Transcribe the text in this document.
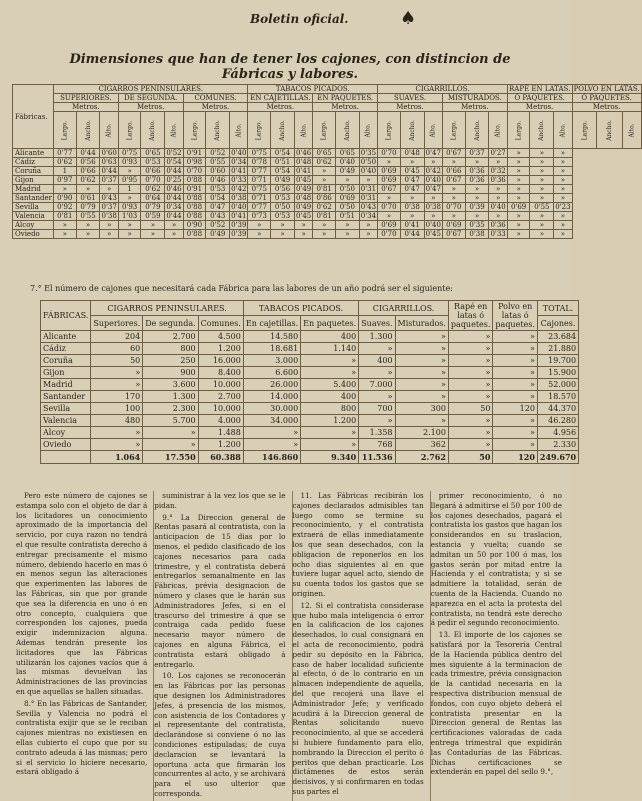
Boletin oficial.	♠
Dimensiones que han de tener los cajones, con distincion de Fábricas y labores.
Fábricas.	CIGARROS PENINSULARES.									TABACOS PICADOS.						CIGARRILLOS.						RAPÉ EN LATAS.			POLVO EN LATAS.		
	SUPERIORES.			DE SEGUNDA.			COMUNES.			EN CAJETILLAS.			EN PAQUETES.			SUAVES.			MISTURADOS.			Ó PAQUETES.			Ó PAQUETES.		
	Metros.			Metros.			Metros.			Metros.			Metros.			Metros.			Metros.			Metros.			Metros.		
	Largo.	Ancho.	Alto.	Largo.	Ancho.	Alto.	Largo.	Ancho.	Alto.	Largo.	Ancho.	Alto.	Largo.	Ancho.	Alto.	Largo.	Ancho.	Alto.	Largo.	Ancho.	Alto.	Largo.	Ancho.	Alto.	Largo.	Ancho.	Alto.
Alicante	0'77	0'44	0'60	0'75	0'65	0'52	0'91	0'52	0'40	0'75	0'54	0'46	0'65	0'65	0'35	0'70	0'48	0'47	0'67	0'37	0'27	»	»	»			
Cádiz	0'62	0'56	0'63	0'93	0'53	0'54	0'98	0'55	0'34	0'78	0'51	0'48	0'62	0'40	0'50	»	»	»	»	»	»	»	»	»			
Coruña	1	0'66	0'44	»	0'66	0'44	0'70	0'60	0'41	0'77	0'54	0'41	»	0'49	0'40	0'69	0'45	0'42	0'66	0'36	0'32	»	»	»			
Gijon	0'97	0'62	0'37	0'95	0'70	0'25	0'88	0'46	0'33	0'71	0'49	0'45	»	»	»	0'69	0'47	0'40	0'67	0'36	0'36	»	»	»			
Madrid	»	»	»	1	0'62	0'46	0'91	0'53	0'42	0'75	0'56	0'49	0'81	0'50	0'31	0'67	0'47	0'47	»	»	»	»	»	»			
Santander	0'90	0'61	0'43	»	0'64	0'44	0'88	0'54	0'38	0'71	0'53	0'48	0'86	0'69	0'31	»	»	»	»	»	»	»	»	»			
Sevilla	0'92	0'79	0'37	0'93	0'79	0'34	0'88	0'47	0'40	0'77	0'50	0'49	0'62	0'50	0'43	0'70	0'38	0'38	0'70	0'39	0'40	0'69	0'55	0'23			
Valencia	0'81	0'55	0'38	1'03	0'59	0'44	0'88	0'43	0'41	0'73	0'53	0'45	0'81	0'51	0'34	»	»	»	»	»	»	»	»	»			
Alcoy	»	»	»	»	»	»	0'90	0'52	0'39	»	»	»	»	»	»	0'69	0'41	0'40	0'69	0'35	0'36	»	»	»			
Oviedo	»	»	»	»	»	»	0'88	0'49	0'39	»	»	»	»	»	»	0'70	0'44	0'45	0'67	0'38	0'33	»	»	»			
7.° El número de cajones que necesitará cada Fábrica para las labores de un año podrá ser el siguiente:
FÁBRICAS.	CIGARROS PENINSULARES.			TABACOS PICADOS.		CIGARRILLOS.		Rapé en latas ó paquetes.	Polvo en latas ó paquetes.	TOTAL.
	Superiores.	De segunda.	Comunes.	En cajetillas.	En paquetes.	Suaves.	Misturados.			Cajones.
Alicante	204	2.700	4.500	14.580	400	1.300	»	»	»	23.684
Cádiz	60	800	1.200	18.681	1.140	»	»	»	»	21.880
Coruña	50	250	16.000	3.000	»	400	»	»	»	19.700
Gijon	»	900	8.400	6.600	»	»	»	»	»	15.900
Madrid	»	3.600	10.000	26.000	5.400	7.000	»	»	»	52.000
Santander	170	1.300	2.700	14.000	400	»	»	»	»	18.570
Sevilla	100	2.300	10.000	30.000	800	700	300	50	120	44.370
Valencia	480	5.700	4.000	34.000	1.200	»	»	»	»	46.280
Alcoy	»	»	1.488	»	»	1.358	2.100	»	»	4.956
Oviedo	»	»	1.200	»	»	768	362	»	»	2.330
	1.064	17.550	60.388	146.860	9.340	11.536	2.762	50	120	249.670

Pero este número de cajones se estampa solo con el objeto de dar á los licitadores un conocimiento aproximado de la importancia del servicio, por cuya razon no tendrá el que resulte contratista derecho á entregar precisamente el mismo número, debiendo hacerlo en mas ó en menos segun las alteraciones que experimenten las labores de las Fábricas, sin que por grande que sea la diferencia en uno ó en otro concepto, cualquiera que corresponden los cajones, pueda exigir indemnizacion alguna. Ademas tendrán presente los licitadores que las Fábricas utilizarán los cajones vacíos que á las mismas devuelvan las Administraciones de las provincias en que aquellas se hallen situadas.

8.° En las Fábricas de Santander, Sevilla y Valencia no podrá el contratista exijir que se le reciban cajones mientras no existiesen en ellas cubierto el cupo que por su contrato adeuda á las mismas; pero si el servicio lo hiciere necesario, estará obligado á

suministrar á la vez los que se le pidan.

9.° La Direccion general de Rentas pasará al contratista, con la anticipacion de 15 dias por lo menos, el pedido clasificado de los cajones necesarios para cada trimestre, y el contratista deberá entregarlos semanalmente en las Fábricas, prévia designacion de número y clases que le harán sus Administradores Jefes, si en el trascurso del trimestre á que se contraiga cada pedido fuese necesario mayor número de cajones en alguna Fábrica, el contratista estará obligado á entregarlo.

10. Los cajones se reconocerán en las Fábricas por las personas que designen los Administradores Jefes, á presencia de los mismos, con asistencia de los Contadores y el representante del contratista, declarándose si conviene ó no las condiciones estipuladas; de cuya declaracion se levantará la oportuna acta que firmarán los concurrentes al acto, y se archivará para el uso ulterior que corresponda.

11. Las Fábricas recibirán los cajones declarados admisibles tan luego como se termine su reconocimiento, y el contratista extraerá de ellas inmediatamente los que sean desechados, con la obligacion de reponerlos en los ocho dias siguientes al en que tuviere lugar aquel acto, siendo de su cuenta todos los gastos que se originen.

12. Si el contratista considerase que hubo mala inteligencia ó error en la calificacion de los cajones desechados, lo cual consignará en el acta de reconocimiento, podrá pedir su depósito en la Fábrica, caso de haber localidad suficiente al efecto, ó de lo contrario en un almacen independiente de aquella, del que recojerá una llave el Administrador Jefe; y verificado acudirá á la Direccion general de Rentas solicitando nuevo reconocimiento, al que se accederá si hubiere fundamento para ello, nombrando la Direccion el perito ó peritos que deban practicarle. Los dictámenes de estos serán decisivos, y si confirmaren en todas sus partes el

primer reconocimiento, ó no llegará á admitirse el 50 por 100 de los cajones desechados, pagará el contratista los gastos que hagan los considerandos en su traslacion, estancia y vuelta; cuando se admitan un 50 por 100 ó mas, los gastos serán por mitad entre la Hacienda y el contratista; y si se admitiere la totalidad, serán de cuenta de la Hacienda. Cuando no aparezca en el acta la protesta del contratista, no tendrá este derecho á pedir el segundo reconocimiento.

13. El importe de los cajones se satisfará por la Tesorería Central de la Hacienda pública dentro del mes siguiente á la terminacion de cada trimestre, prévia consignacion de la cantidad necesaria en la respectiva distribucion mensual de fondos, con cuyo objeto deberá el contratista presentar en la Direccion general de Rentas las certificaciones valoradas de cada entrega trimestral que expidirán las Contadurías de las Fábricas. Dichas certificaciones se extenderán en papel del sello 9.°,
